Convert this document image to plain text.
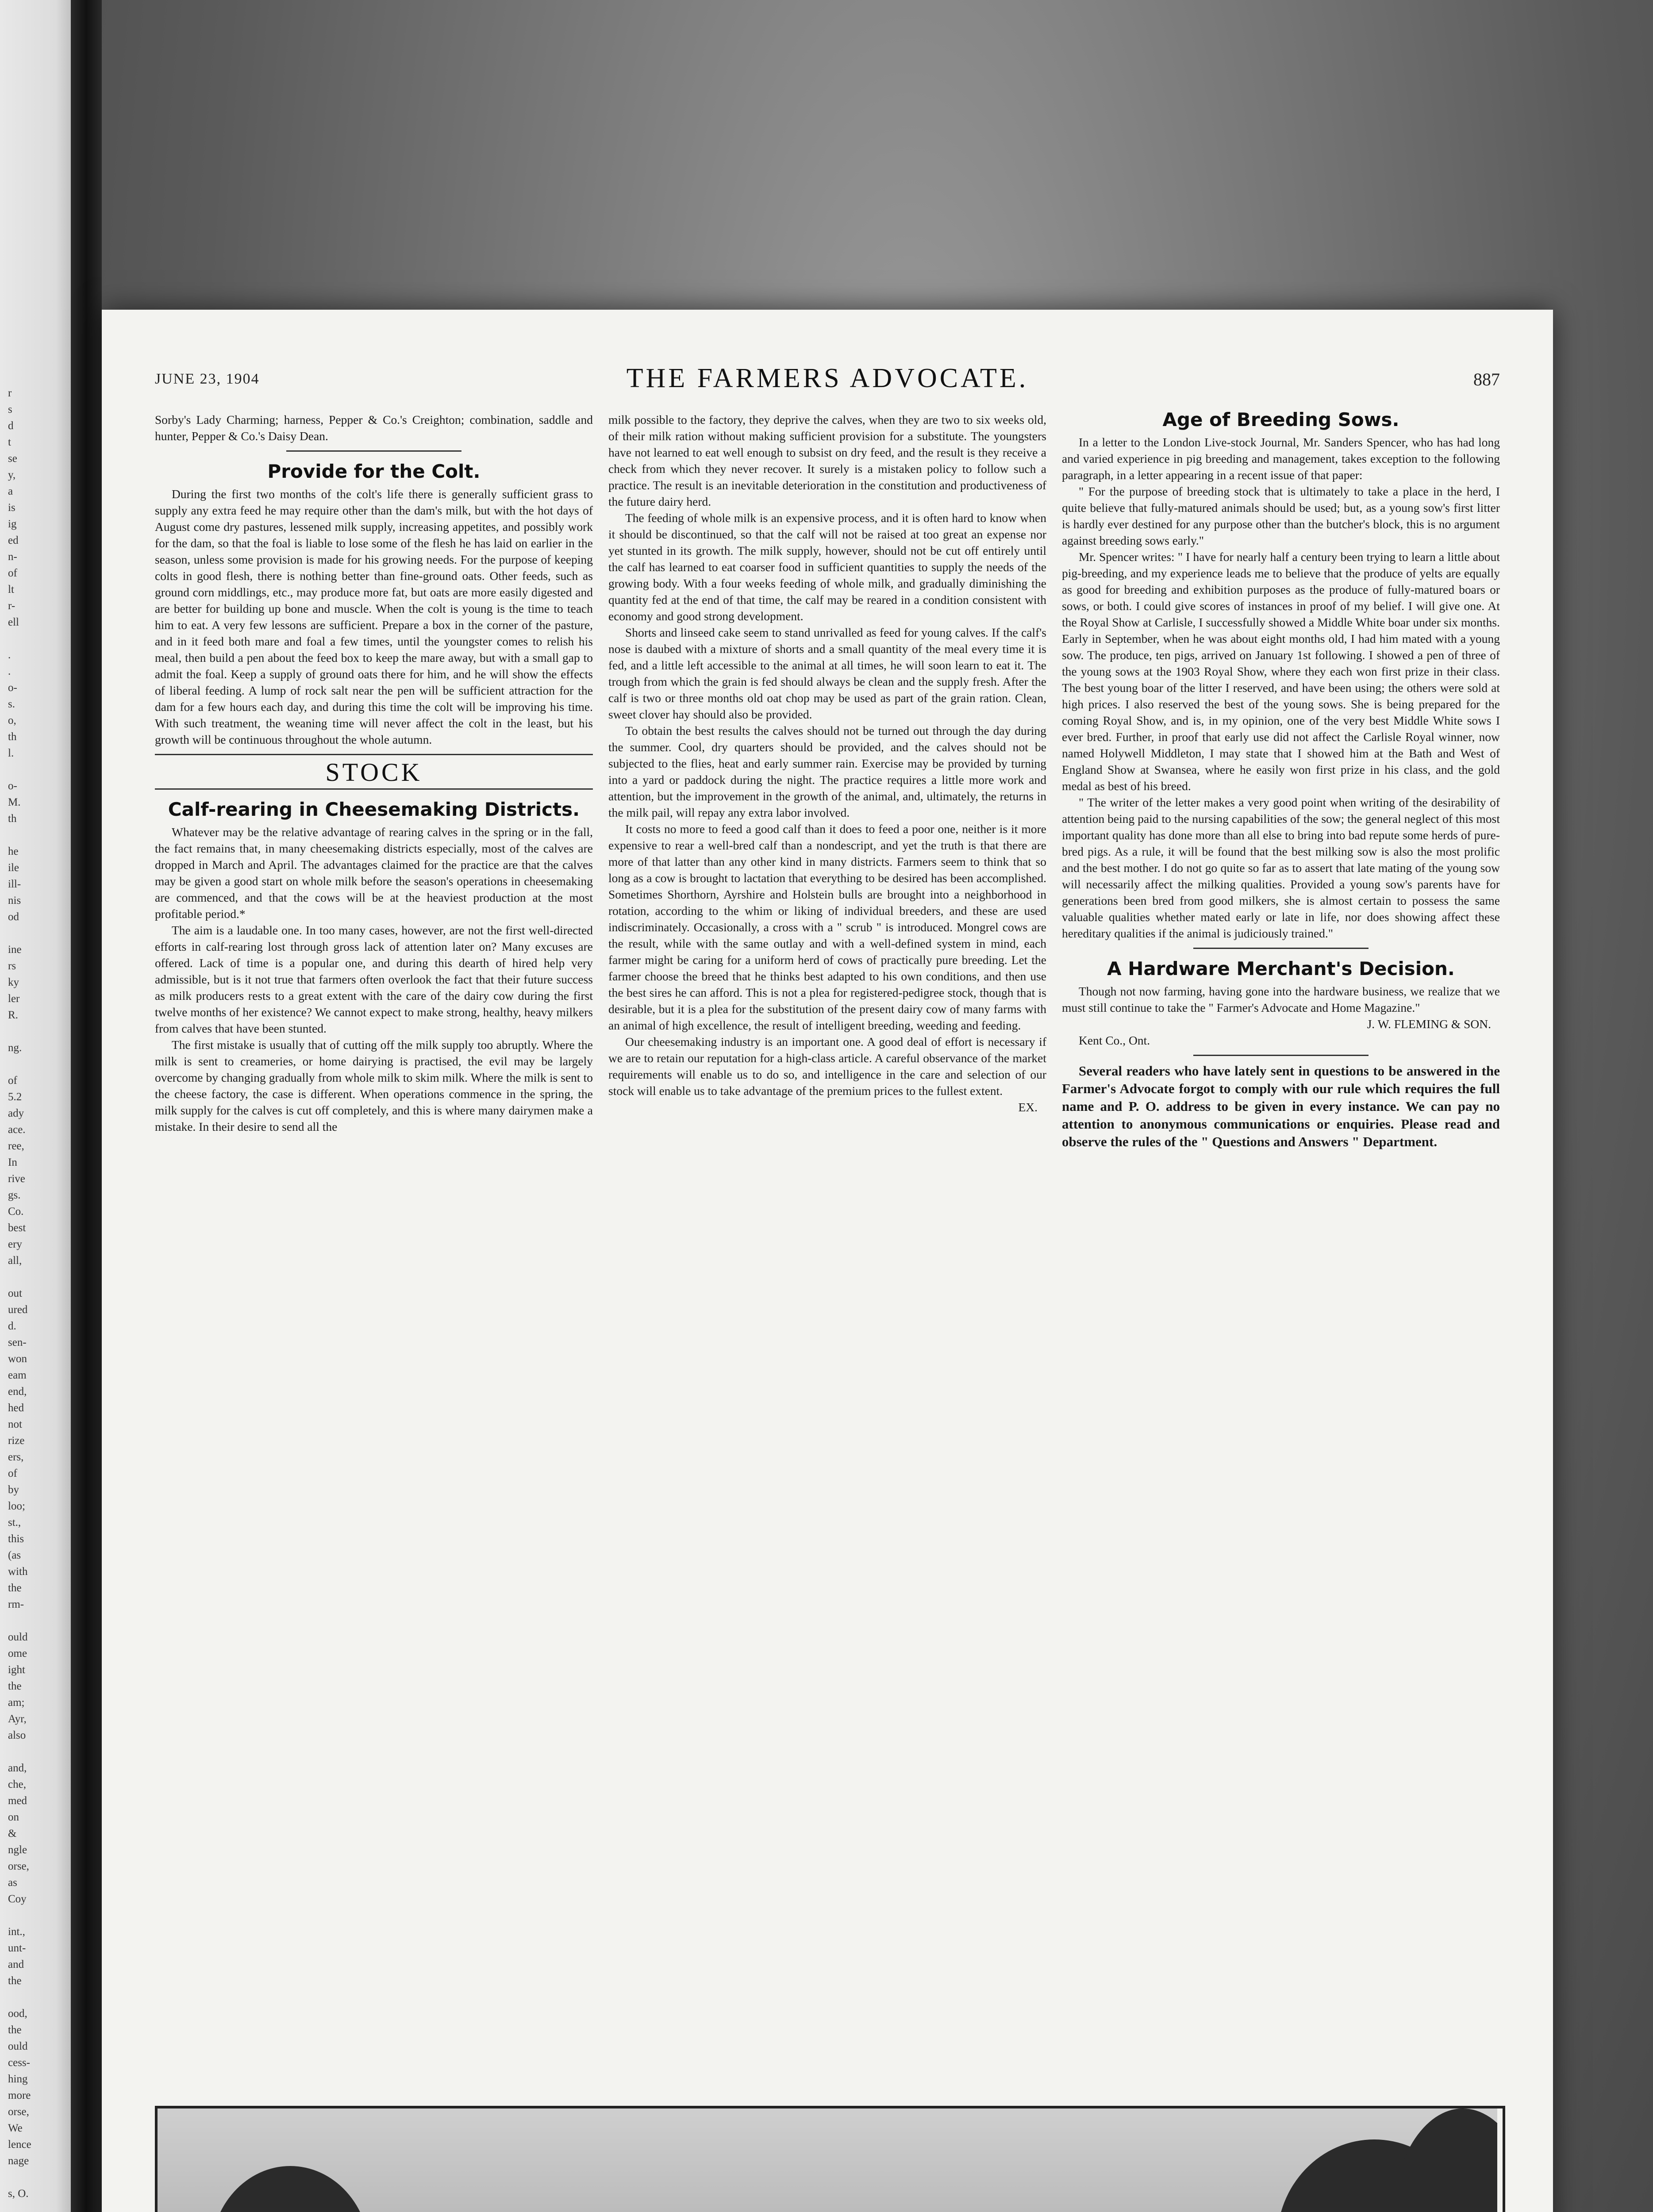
r
s
d
t
se
y,
a
is
ig
ed
n-
of
lt
r-
ell

.
.
o-
s.
o,
th
l.

o-
M.
th

he
ile
ill-
nis
od

ine
rs
ky
ler
R.

ng.

of
5.2
ady
ace.
ree,
In
rive
gs.
Co.
best
ery
all,

out
ured
d.
sen-
won
eam
end,
hed
not
rize
ers,
of
by
loo;
st.,
this
(as
with
the
rm-

ould
ome
ight
the
am;
Ayr,
also

and,
che,
med
on
&
ngle
orse,
as
Coy

int.,
unt-
and
the

ood,
the
ould
cess-
hing
more
orse,
We
lence
nage

s, O.
JUNE 23, 1904	THE FARMERS ADVOCATE.	887

Sorby's Lady Charming; harness, Pepper & Co.'s Creighton; combination, saddle and hunter, Pepper & Co.'s Daisy Dean.

Provide for the Colt.

During the first two months of the colt's life there is generally sufficient grass to supply any extra feed he may require other than the dam's milk, but with the hot days of August come dry pastures, lessened milk supply, increasing appetites, and possibly work for the dam, so that the foal is liable to lose some of the flesh he has laid on earlier in the season, unless some provision is made for his growing needs. For the purpose of keeping colts in good flesh, there is nothing better than fine-ground oats. Other feeds, such as ground corn middlings, etc., may produce more fat, but oats are more easily digested and are better for building up bone and muscle. When the colt is young is the time to teach him to eat. A very few lessons are sufficient. Prepare a box in the corner of the pasture, and in it feed both mare and foal a few times, until the youngster comes to relish his meal, then build a pen about the feed box to keep the mare away, but with a small gap to admit the foal. Keep a supply of ground oats there for him, and he will show the effects of liberal feeding. A lump of rock salt near the pen will be sufficient attraction for the dam for a few hours each day, and during this time the colt will be improving his time. With such treatment, the weaning time will never affect the colt in the least, but his growth will be continuous throughout the whole autumn.

STOCK
Calf-rearing in Cheesemaking Districts.

Whatever may be the relative advantage of rearing calves in the spring or in the fall, the fact remains that, in many cheesemaking districts especially, most of the calves are dropped in March and April. The advantages claimed for the practice are that the calves may be given a good start on whole milk before the season's operations in cheesemaking are commenced, and that the cows will be at the heaviest production at the most profitable period.*

The aim is a laudable one. In too many cases, however, are not the first well-directed efforts in calf-rearing lost through gross lack of attention later on? Many excuses are offered. Lack of time is a popular one, and during this dearth of hired help very admissible, but is it not true that farmers often overlook the fact that their future success as milk producers rests to a great extent with the care of the dairy cow during the first twelve months of her existence? We cannot expect to make strong, healthy, heavy milkers from calves that have been stunted.

The first mistake is usually that of cutting off the milk supply too abruptly. Where the milk is sent to creameries, or home dairying is practised, the evil may be largely overcome by changing gradually from whole milk to skim milk. Where the milk is sent to the cheese factory, the case is different. When operations commence in the spring, the milk supply for the calves is cut off completely, and this is where many dairymen make a mistake. In their desire to send all the

milk possible to the factory, they deprive the calves, when they are two to six weeks old, of their milk ration without making sufficient provision for a substitute. The youngsters have not learned to eat well enough to subsist on dry feed, and the result is they receive a check from which they never recover. It surely is a mistaken policy to follow such a practice. The result is an inevitable deterioration in the constitution and productiveness of the future dairy herd.

The feeding of whole milk is an expensive process, and it is often hard to know when it should be discontinued, so that the calf will not be raised at too great an expense nor yet stunted in its growth. The milk supply, however, should not be cut off entirely until the calf has learned to eat coarser food in sufficient quantities to supply the needs of the growing body. With a four weeks feeding of whole milk, and gradually diminishing the quantity fed at the end of that time, the calf may be reared in a condition consistent with economy and good strong development.

Shorts and linseed cake seem to stand unrivalled as feed for young calves. If the calf's nose is daubed with a mixture of shorts and a small quantity of the meal every time it is fed, and a little left accessible to the animal at all times, he will soon learn to eat it. The trough from which the grain is fed should always be clean and the supply fresh. After the calf is two or three months old oat chop may be used as part of the grain ration. Clean, sweet clover hay should also be provided.

To obtain the best results the calves should not be turned out through the day during the summer. Cool, dry quarters should be provided, and the calves should not be subjected to the flies, heat and early summer rain. Exercise may be provided by turning into a yard or paddock during the night. The practice requires a little more work and attention, but the improvement in the growth of the animal, and, ultimately, the returns in the milk pail, will repay any extra labor involved.

It costs no more to feed a good calf than it does to feed a poor one, neither is it more expensive to rear a well-bred calf than a nondescript, and yet the truth is that there are more of that latter than any other kind in many districts. Farmers seem to think that so long as a cow is brought to lactation that everything to be desired has been accomplished. Sometimes Shorthorn, Ayrshire and Holstein bulls are brought into a neighborhood in rotation, according to the whim or liking of individual breeders, and these are used indiscriminately. Occasionally, a cross with a " scrub " is introduced. Mongrel cows are the result, while with the same outlay and with a well-defined system in mind, each farmer might be caring for a uniform herd of cows of practically pure breeding. Let the farmer choose the breed that he thinks best adapted to his own conditions, and then use the best sires he can afford. This is not a plea for registered-pedigree stock, though that is desirable, but it is a plea for the substitution of the present dairy cow of many farms with an animal of high excellence, the result of intelligent breeding, weeding and feeding.

Our cheesemaking industry is an important one. A good deal of effort is necessary if we are to retain our reputation for a high-class article. A careful observance of the market requirements will enable us to do so, and intelligence in the care and selection of our stock will enable us to take advantage of the premium prices to the fullest extent.

EX.
Age of Breeding Sows.

In a letter to the London Live-stock Journal, Mr. Sanders Spencer, who has had long and varied experience in pig breeding and management, takes exception to the following paragraph, in a letter appearing in a recent issue of that paper:

" For the purpose of breeding stock that is ultimately to take a place in the herd, I quite believe that fully-matured animals should be used; but, as a young sow's first litter is hardly ever destined for any purpose other than the butcher's block, this is no argument against breeding sows early."

Mr. Spencer writes: " I have for nearly half a century been trying to learn a little about pig-breeding, and my experience leads me to believe that the produce of yelts are equally as good for breeding and exhibition purposes as the produce of fully-matured boars or sows, or both. I could give scores of instances in proof of my belief. I will give one. At the Royal Show at Carlisle, I successfully showed a Middle White boar under six months. Early in September, when he was about eight months old, I had him mated with a young sow. The produce, ten pigs, arrived on January 1st following. I showed a pen of three of the young sows at the 1903 Royal Show, where they each won first prize in their class. The best young boar of the litter I reserved, and have been using; the others were sold at high prices. I also reserved the best of the young sows. She is being prepared for the coming Royal Show, and is, in my opinion, one of the very best Middle White sows I ever bred. Further, in proof that early use did not affect the Carlisle Royal winner, now named Holywell Middleton, I may state that I showed him at the Bath and West of England Show at Swansea, where he easily won first prize in his class, and the gold medal as best of his breed.

" The writer of the letter makes a very good point when writing of the desirability of attention being paid to the nursing capabilities of the sow; the general neglect of this most important quality has done more than all else to bring into bad repute some herds of pure-bred pigs. As a rule, it will be found that the best milking sow is also the most prolific and the best mother. I do not go quite so far as to assert that late mating of the young sow will necessarily affect the milking qualities. Provided a young sow's parents have for generations been bred from good milkers, she is almost certain to possess the same valuable qualities whether mated early or late in life, nor does showing affect these hereditary qualities if the animal is judiciously trained."

A Hardware Merchant's Decision.

Though not now farming, having gone into the hardware business, we realize that we must still continue to take the " Farmer's Advocate and Home Magazine."

J. W. FLEMING & SON.

Kent Co., Ont.

Several readers who have lately sent in questions to be answered in the Farmer's Advocate forgot to comply with our rule which requires the full name and P. O. address to be given in every instance. We can pay no attention to anonymous communications or enquiries. Please read and observe the rules of the " Questions and Answers " Department.
